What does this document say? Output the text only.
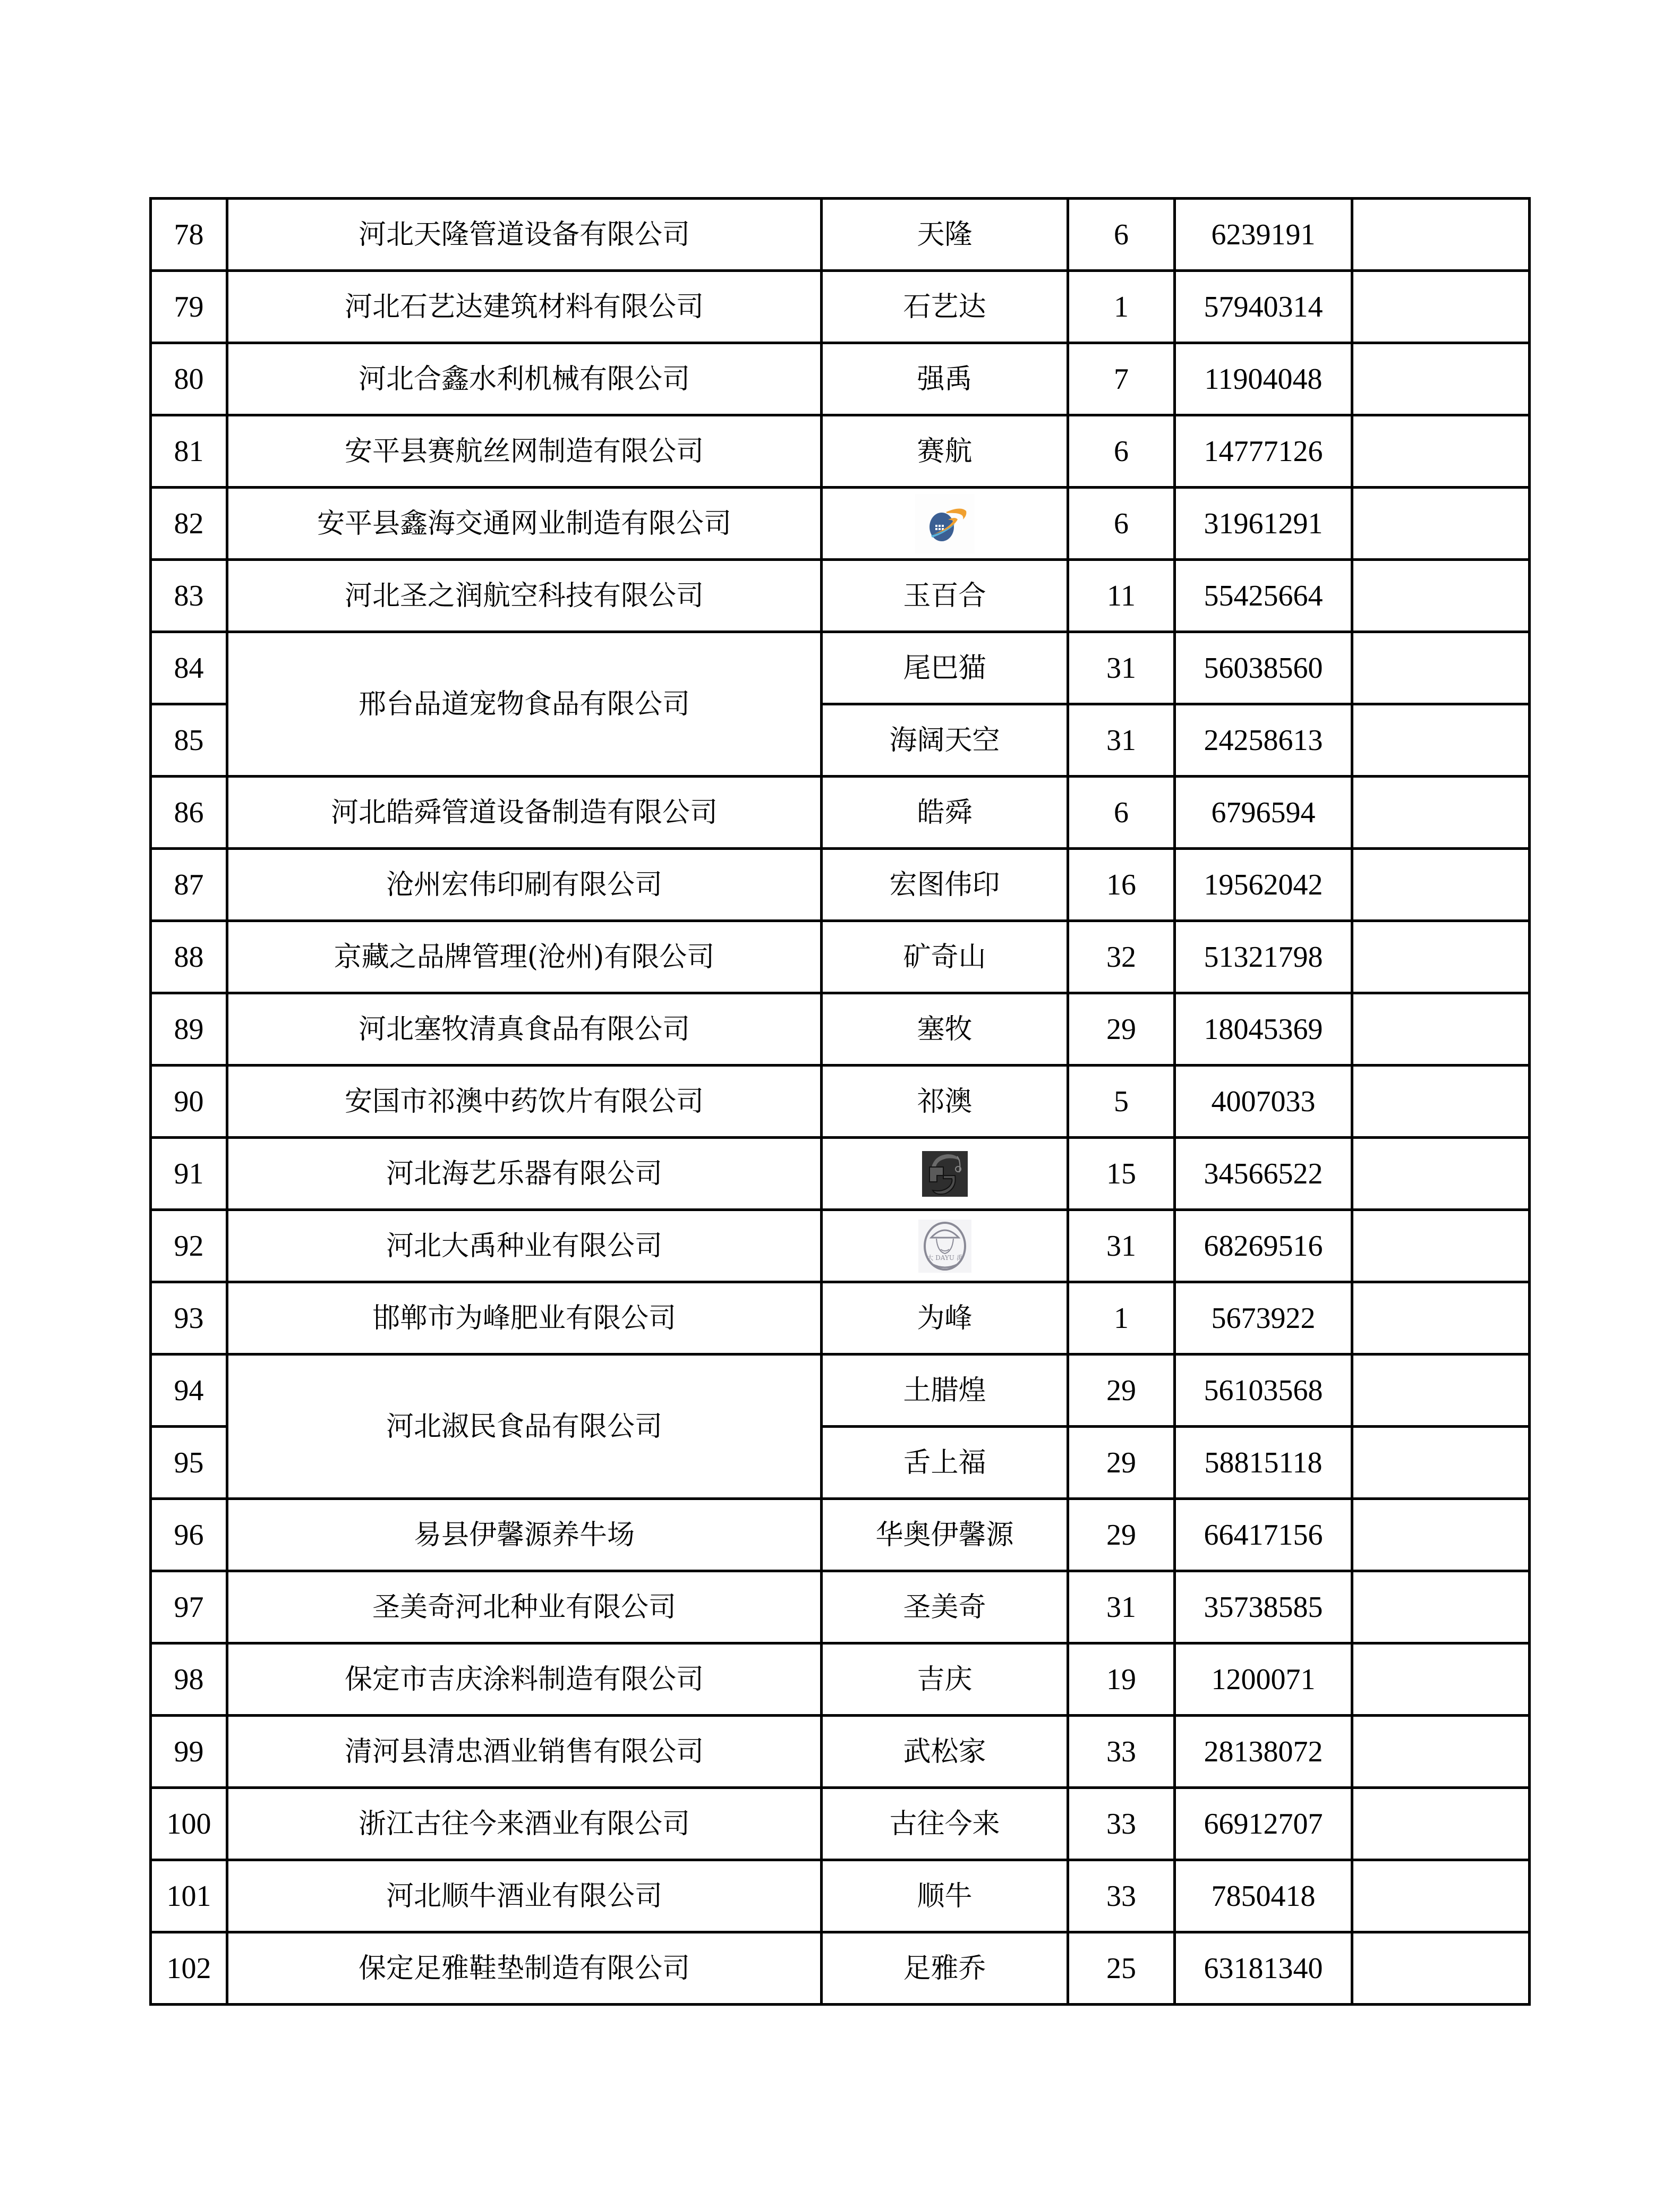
78	河北天隆管道设备有限公司	天隆	6	6239191	
79	河北石艺达建筑材料有限公司	石艺达	1	57940314	
80	河北合鑫水利机械有限公司	强禹	7	11904048	
81	安平县赛航丝网制造有限公司	赛航	6	14777126	
82	安平县鑫海交通网业制造有限公司		6	31961291	
83	河北圣之润航空科技有限公司	玉百合	11	55425664	
84	邢台品道宠物食品有限公司	尾巴猫	31	56038560	
85		海阔天空	31	24258613	
86	河北皓舜管道设备制造有限公司	皓舜	6	6796594	
87	沧州宏伟印刷有限公司	宏图伟印	16	19562042	
88	京藏之品牌管理(沧州)有限公司	矿奇山	32	51321798	
89	河北塞牧清真食品有限公司	塞牧	29	18045369	
90	安国市祁澳中药饮片有限公司	祁澳	5	4007033	
91	河北海艺乐器有限公司		15	34566522	
92	河北大禹种业有限公司	大 DAYU 禹	31	68269516	
93	邯郸市为峰肥业有限公司	为峰	1	5673922	
94	河北淑民食品有限公司	土腊煌	29	56103568	
95		舌上福	29	58815118	
96	易县伊馨源养牛场	华奥伊馨源	29	66417156	
97	圣美奇河北种业有限公司	圣美奇	31	35738585	
98	保定市吉庆涂料制造有限公司	吉庆	19	1200071	
99	清河县清忠酒业销售有限公司	武松家	33	28138072	
100	浙江古往今来酒业有限公司	古往今来	33	66912707	
101	河北顺牛酒业有限公司	顺牛	33	7850418	
102	保定足雅鞋垫制造有限公司	足雅乔	25	63181340	
